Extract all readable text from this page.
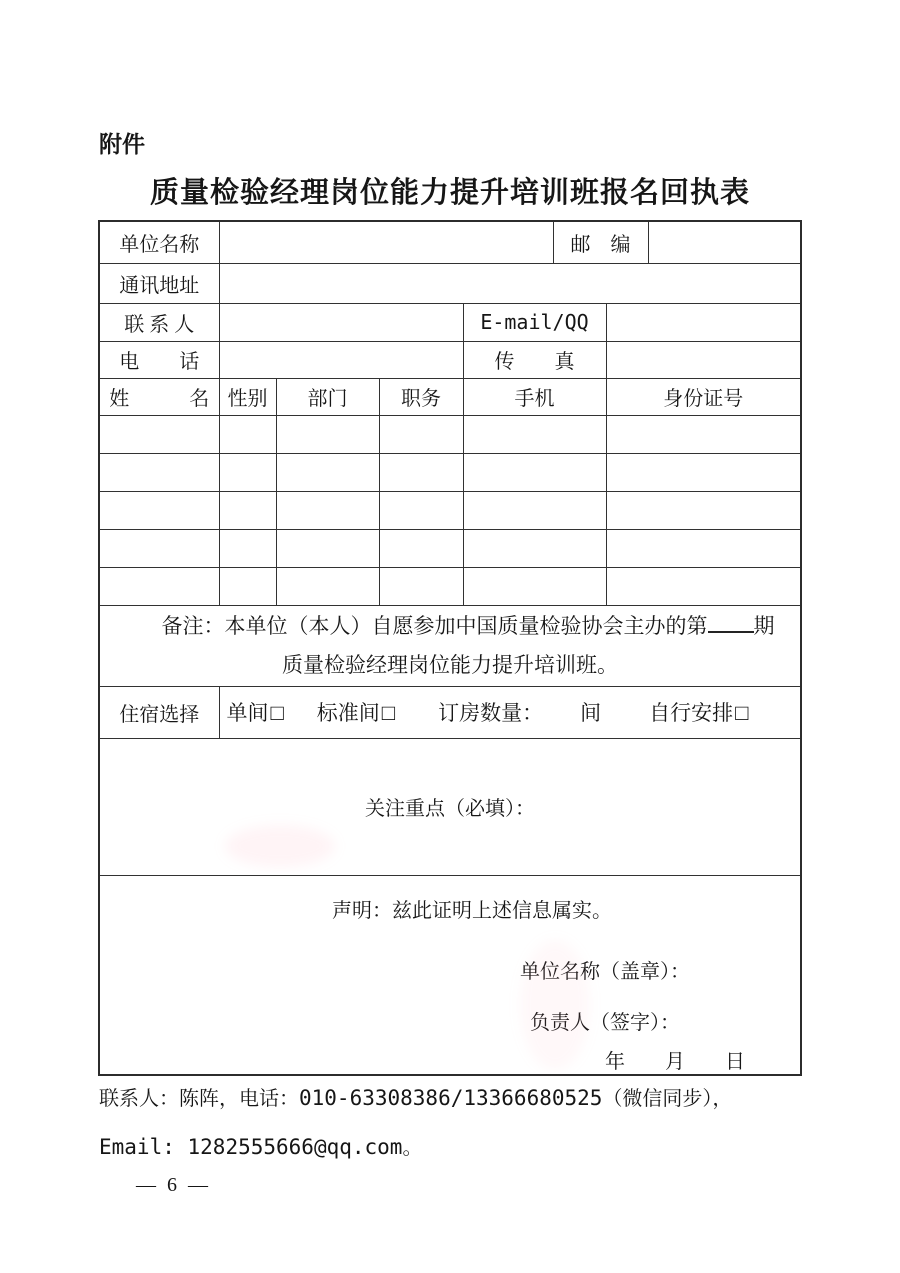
附件
质量检验经理岗位能力提升培训班报名回执表
单位名称					邮　编		
通讯地址							
联 系 人				E-mail/QQ			
电　　话				传　　真			
姓　　　名	性别	部门	职务	手机		身份证号	

备注：本单位（本人）自愿参加中国质量检验协会主办的第 期
质量检验经理岗位能力提升培训班。							

住宿选择	单间 □ 标准间 □ 订房数量： 间 自行安排 □

关注重点（必填）：							

声明：兹此证明上述信息属实。
单位名称（盖章）：
负责人（签字）：
年　　月　　日							
联系人：陈阵，电话：010-63308386/13366680525（微信同步），
Email: 1282555666@qq.com。
— 6 —
